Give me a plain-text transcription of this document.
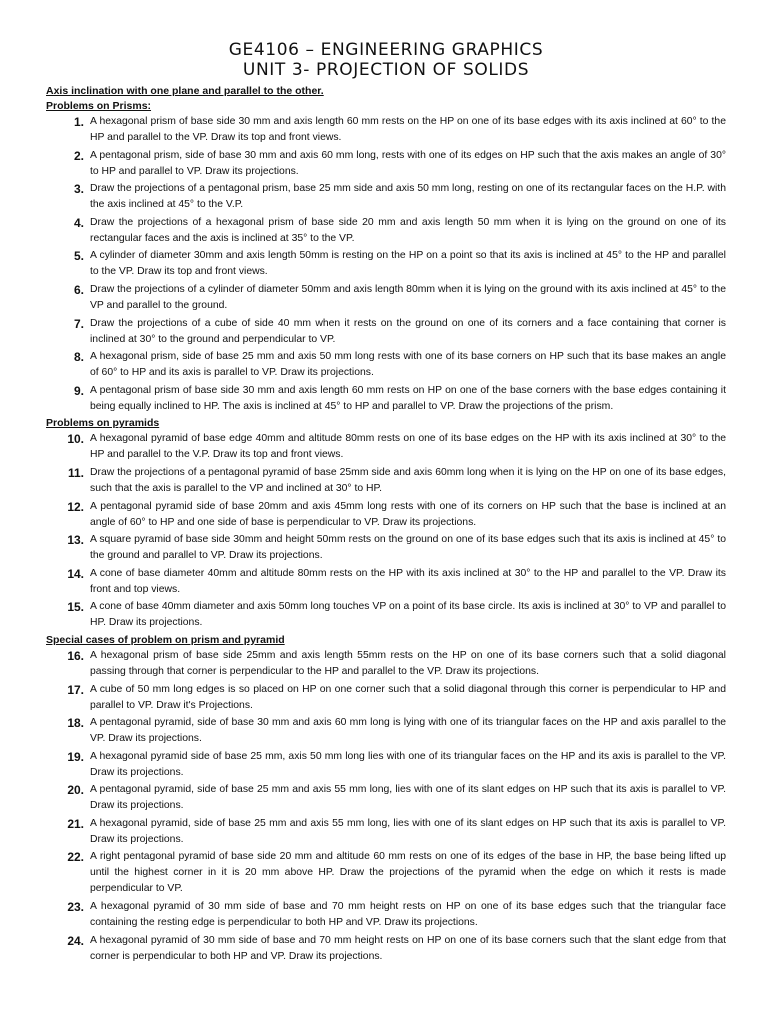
GE4106 – ENGINEERING GRAPHICS
UNIT 3- PROJECTION OF SOLIDS

Axis inclination with one plane and parallel to the other.

Problems on Prisms:

1. A hexagonal prism of base side 30 mm and axis length 60 mm rests on the HP on one of its base edges with its axis inclined at 60° to the HP and parallel to the VP. Draw its top and front views.
2. A pentagonal prism, side of base 30 mm and axis 60 mm long, rests with one of its edges on HP such that the axis makes an angle of 30° to HP and parallel to VP. Draw its projections.
3. Draw the projections of a pentagonal prism, base 25 mm side and axis 50 mm long, resting on one of its rectangular faces on the H.P. with the axis inclined at 45° to the V.P.
4. Draw the projections of a hexagonal prism of base side 20 mm and axis length 50 mm when it is lying on the ground on one of its rectangular faces and the axis is inclined at 35° to the VP.
5. A cylinder of diameter 30mm and axis length 50mm is resting on the HP on a point so that its axis is inclined at 45° to the HP and parallel to the VP. Draw its top and front views.
6. Draw the projections of a cylinder of diameter 50mm and axis length 80mm when it is lying on the ground with its axis inclined at 45° to the VP and parallel to the ground.
7. Draw the projections of a cube of side 40 mm when it rests on the ground on one of its corners and a face containing that corner is inclined at 30° to the ground and perpendicular to VP.
8. A hexagonal prism, side of base 25 mm and axis 50 mm long rests with one of its base corners on HP such that its base makes an angle of 60° to HP and its axis is parallel to VP. Draw its projections.
9. A pentagonal prism of base side 30 mm and axis length 60 mm rests on HP on one of the base corners with the base edges containing it being equally inclined to HP. The axis is inclined at 45° to HP and parallel to VP. Draw the projections of the prism.

Problems on pyramids

10. A hexagonal pyramid of base edge 40mm and altitude 80mm rests on one of its base edges on the HP with its axis inclined at 30° to the HP and parallel to the V.P. Draw its top and front views.
11. Draw the projections of a pentagonal pyramid of base 25mm side and axis 60mm long when it is lying on the HP on one of its base edges, such that the axis is parallel to the VP and inclined at 30° to HP.
12. A pentagonal pyramid side of base 20mm and axis 45mm long rests with one of its corners on HP such that the base is inclined at an angle of 60° to HP and one side of base is perpendicular to VP. Draw its projections.
13. A square pyramid of base side 30mm and height 50mm rests on the ground on one of its base edges such that its axis is inclined at 45° to the ground and parallel to VP. Draw its projections.
14. A cone of base diameter 40mm and altitude 80mm rests on the HP with its axis inclined at 30° to the HP and parallel to the VP. Draw its front and top views.
15. A cone of base 40mm diameter and axis 50mm long touches VP on a point of its base circle. Its axis is inclined at 30° to VP and parallel to HP. Draw its projections.

Special cases of problem on prism and pyramid

16. A hexagonal prism of base side 25mm and axis length 55mm rests on the HP on one of its base corners such that a solid diagonal passing through that corner is perpendicular to the HP and parallel to the VP. Draw its projections.
17. A cube of 50 mm long edges is so placed on HP on one corner such that a solid diagonal through this corner is perpendicular to HP and parallel to VP. Draw it's Projections.
18. A pentagonal pyramid, side of base 30 mm and axis 60 mm long is lying with one of its triangular faces on the HP and axis parallel to the VP. Draw its projections.
19. A hexagonal pyramid side of base 25 mm, axis 50 mm long lies with one of its triangular faces on the HP and its axis is parallel to the VP. Draw its projections.
20. A pentagonal pyramid, side of base 25 mm and axis 55 mm long, lies with one of its slant edges on HP such that its axis is parallel to VP. Draw its projections.
21. A hexagonal pyramid, side of base 25 mm and axis 55 mm long, lies with one of its slant edges on HP such that its axis is parallel to VP. Draw its projections.
22. A right pentagonal pyramid of base side 20 mm and altitude 60 mm rests on one of its edges of the base in HP, the base being lifted up until the highest corner in it is 20 mm above HP. Draw the projections of the pyramid when the edge on which it rests is made perpendicular to VP.
23. A hexagonal pyramid of 30 mm side of base and 70 mm height rests on HP on one of its base edges such that the triangular face containing the resting edge is perpendicular to both HP and VP. Draw its projections.
24. A hexagonal pyramid of 30 mm side of base and 70 mm height rests on HP on one of its base corners such that the slant edge from that corner is perpendicular to both HP and VP. Draw its projections.
